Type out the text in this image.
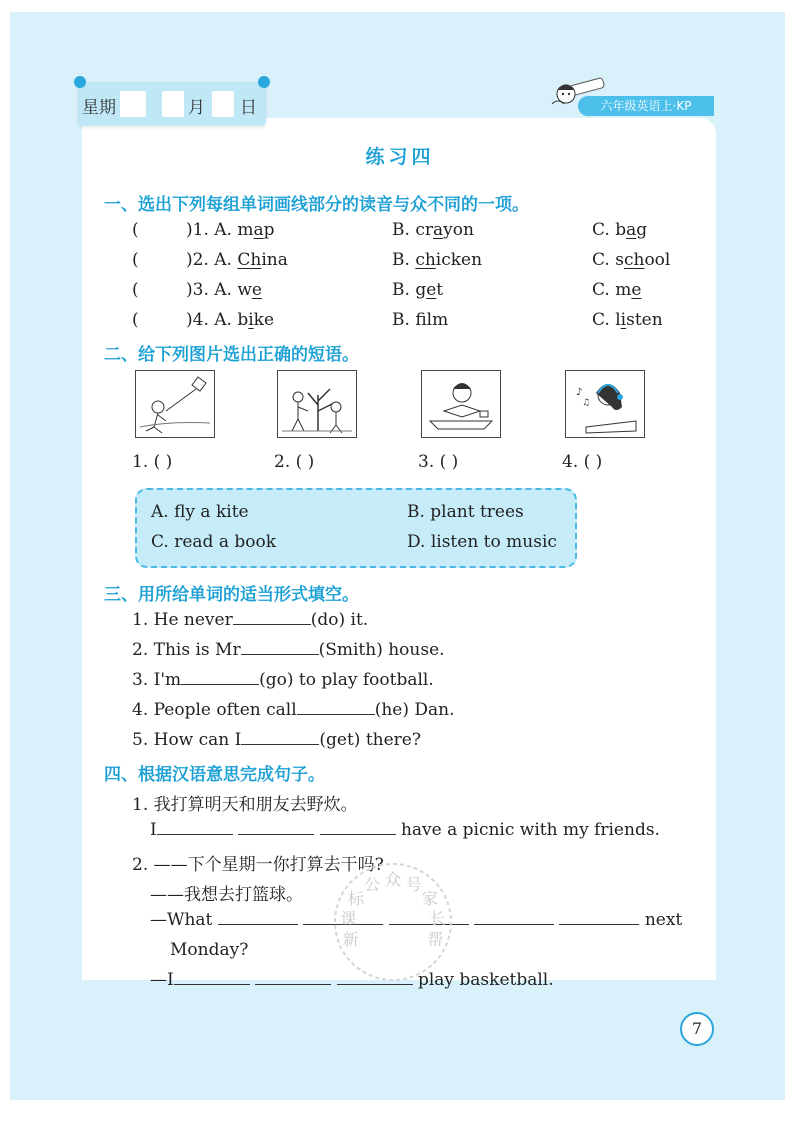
星期	月 日	六年级英语上·KP
练习四
一、选出下列每组单词画线部分的读音与众不同的一项。
(	)1. A. map	B. crayon	C. bag
(	)2. A. China	B. chicken	C. school
(	)3. A. we	B. get	C. me
(	)4. A. bike	B. flm	C. listen
二、给下列图片选出正确的短语。
♪
♫
1. ( )	2. ( )	3. ( )	4. ( )
A. fly a kite	B. plant trees
C. read a book	D. listen to music
三、用所给单词的适当形式填空。
1. He never	(do) it.
2. This is Mr	(Smith) house.
3. I'm	(go) to play football.
4. People often call	(he) Dan.
5. How can I	(get) there?
四、根据汉语意思完成句子。
1. 我打算明天和朋友去野炊。
I	have a picnic with my friends.
2. ——下个星期一你打算去干吗?
——我想去打篮球。
—What	next
Monday?
—I	play basketball.
新
课
标
公 众 号
家
长
帮
7
